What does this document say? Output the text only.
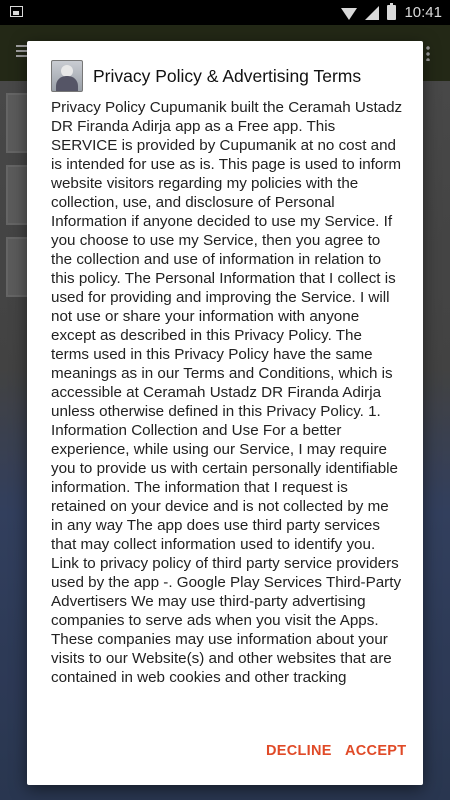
10:41
Privacy Policy & Advertising Terms

Privacy Policy Cupumanik built the Ceramah Ustadz DR Firanda Adirja app as a Free app. This SERVICE is provided by Cupumanik at no cost and is intended for use as is. This page is used to inform website visitors regarding my policies with the collection, use, and disclosure of Personal Information if anyone decided to use my Service. If you choose to use my Service, then you agree to the collection and use of information in relation to this policy. The Personal Information that I collect is used for providing and improving the Service. I will not use or share your information with anyone except as described in this Privacy Policy. The terms used in this Privacy Policy have the same meanings as in our Terms and Conditions, which is accessible at Ceramah Ustadz DR Firanda Adirja unless otherwise defined in this Privacy Policy. 1. Information Collection and Use For a better experience, while using our Service, I may require you to provide us with certain personally identifiable information. The information that I request is retained on your device and is not collected by me in any way The app does use third party services that may collect information used to identify you. Link to privacy policy of third party service providers used by the app -. Google Play Services Third-Party Advertisers We may use third-party advertising companies to serve ads when you visit the Apps. These companies may use information about your visits to our Website(s) and other websites that are contained in web cookies and other tracking

DECLINE ACCEPT
